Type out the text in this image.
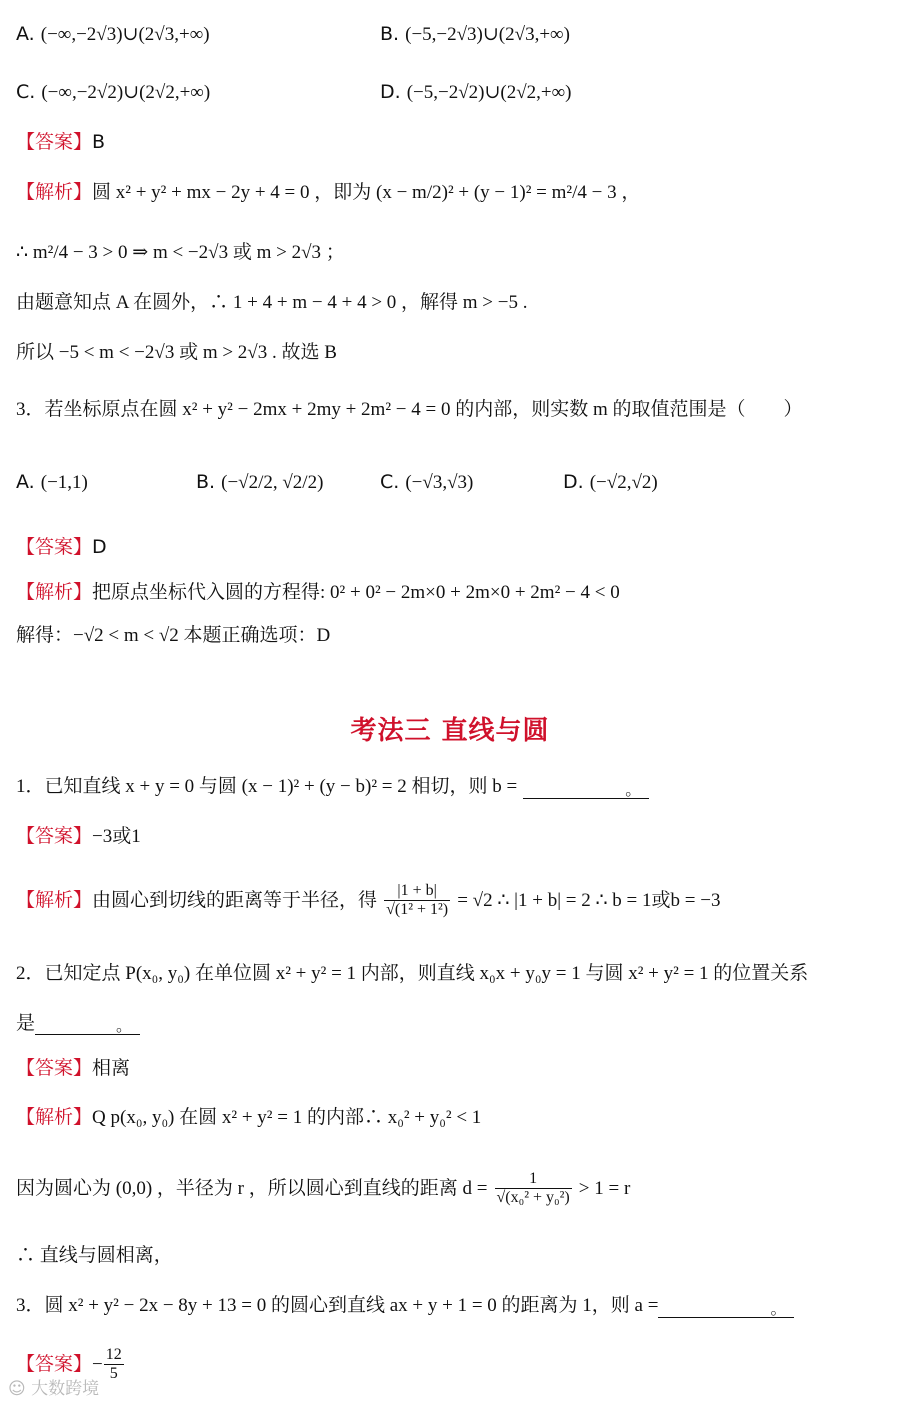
A. (−∞,−2√3)∪(2√3,+∞)	B. (−5,−2√3)∪(2√3,+∞)
C. (−∞,−2√2)∪(2√2,+∞)	D. (−5,−2√2)∪(2√2,+∞)
【答案】B
【解析】圆 x² + y² + mx − 2y + 4 = 0 ，即为 (x − m/2)² + (y − 1)² = m²/4 − 3 ，
∴ m²/4 − 3 > 0 ⇒ m < −2√3 或 m > 2√3 ；
由题意知点 A 在圆外，∴ 1 + 4 + m − 4 + 4 > 0 ，解得 m > −5 .
所以 −5 < m < −2√3 或 m > 2√3 . 故选 B
3．若坐标原点在圆 x² + y² − 2mx + 2my + 2m² − 4 = 0 的内部，则实数 m 的取值范围是（　　）
A. (−1,1)	B. (−√2/2, √2/2)	C. (−√3,√3)	D. (−√2,√2)
【答案】D
【解析】把原点坐标代入圆的方程得: 0² + 0² − 2m×0 + 2m×0 + 2m² − 4 < 0
解得：−√2 < m < √2 本题正确选项：D
考法三 直线与圆
1．已知直线 x + y = 0 与圆 (x − 1)² + (y − b)² = 2 相切，则 b =	。
【答案】−3或1
【解析】由圆心到切线的距离等于半径，得 $\frac{|1 + b|}{\text{√(1² + 1²)}} = √2$ ∴ |1 + b| = 2 ∴ b = 1或b = −3
2．已知定点 P(x₀, y₀) 在单位圆 x² + y² = 1 内部，则直线 x₀x + y₀y = 1 与圆 x² + y² = 1 的位置关系
是	。
【答案】相离
【解析】Q p(x₀, y₀) 在圆 x² + y² = 1 的内部∴ x₀² + y₀² < 1
因为圆心为 (0,0) ，半径为 r ，所以圆心到直线的距离 $d = \frac{1}{\text{√(x₀² + y₀²)}} > 1 = r$
∴ 直线与圆相离，
3．圆 x² + y² − 2x − 8y + 13 = 0 的圆心到直线 ax + y + 1 = 0 的距离为 1，则 a =	。
【答案】− $\frac{12}{5}$
☺ 大数跨境
